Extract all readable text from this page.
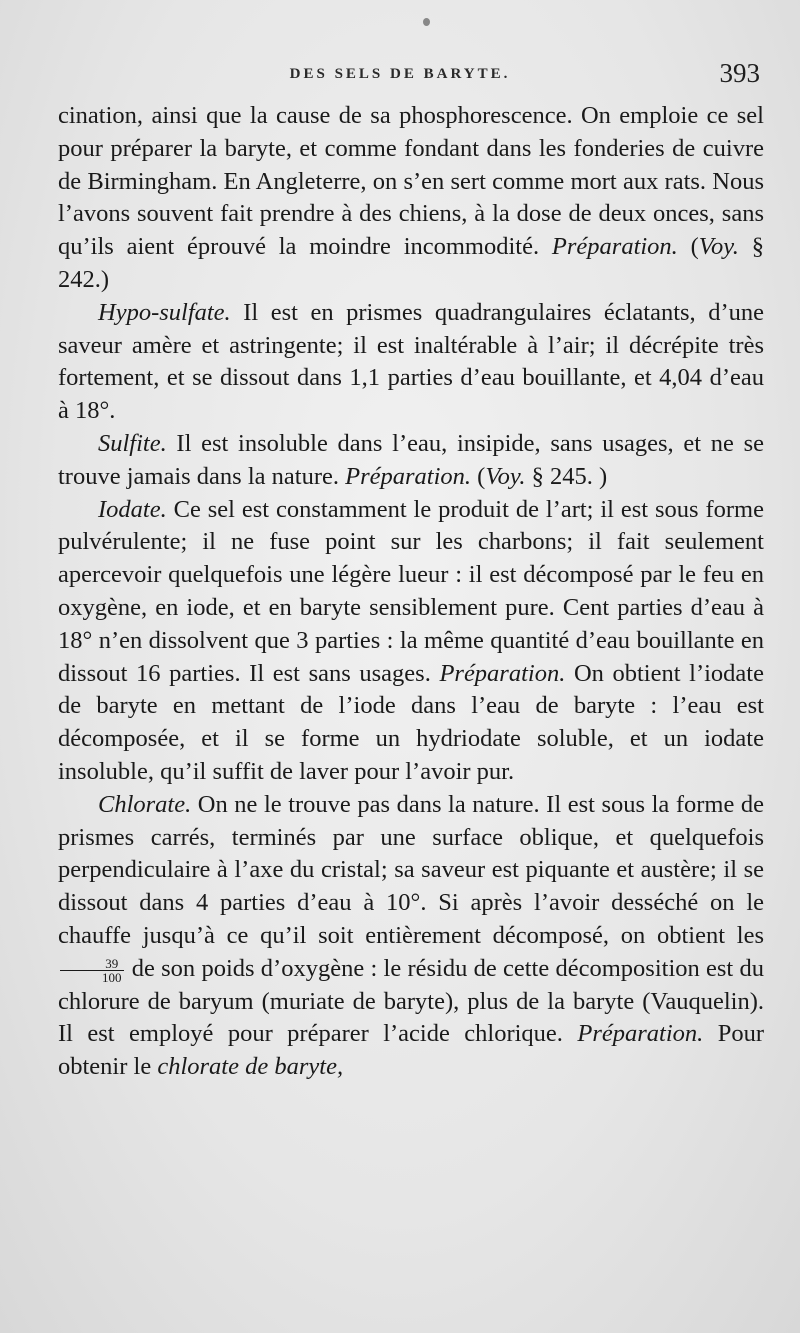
DES SELS DE BARYTE.	393

cination, ainsi que la cause de sa phosphorescence. On emploie ce sel pour préparer la baryte, et comme fondant dans les fonderies de cuivre de Birmingham. En Angleterre, on s’en sert comme mort aux rats. Nous l’avons souvent fait prendre à des chiens, à la dose de deux onces, sans qu’ils aient éprouvé la moindre incommodité. Préparation. (Voy. § 242.)

Hypo-sulfate. Il est en prismes quadrangulaires éclatants, d’une saveur amère et astringente; il est inaltérable à l’air; il décrépite très fortement, et se dissout dans 1,1 parties d’eau bouillante, et 4,04 d’eau à 18°.

Sulfite. Il est insoluble dans l’eau, insipide, sans usages, et ne se trouve jamais dans la nature. Préparation. (Voy. § 245. )

Iodate. Ce sel est constamment le produit de l’art; il est sous forme pulvérulente; il ne fuse point sur les charbons; il fait seulement apercevoir quelquefois une légère lueur : il est décomposé par le feu en oxygène, en iode, et en baryte sensiblement pure. Cent parties d’eau à 18° n’en dissolvent que 3 parties : la même quantité d’eau bouillante en dissout 16 parties. Il est sans usages. Préparation. On obtient l’iodate de baryte en mettant de l’iode dans l’eau de baryte : l’eau est décomposée, et il se forme un hydriodate soluble, et un iodate insoluble, qu’il suffit de laver pour l’avoir pur.

Chlorate. On ne le trouve pas dans la nature. Il est sous la forme de prismes carrés, terminés par une surface oblique, et quelquefois perpendiculaire à l’axe du cristal; sa saveur est piquante et austère; il se dissout dans 4 parties d’eau à 10°. Si après l’avoir desséché on le chauffe jusqu’à ce qu’il soit entièrement décomposé, on obtient les
$\frac{39}{100}$ de son poids d’oxygène : le résidu de cette décomposition est du chlorure de baryum (muriate de baryte), plus de la baryte (Vauquelin). Il est employé pour préparer l’acide chlorique. Préparation. Pour obtenir le chlorate de baryte,
